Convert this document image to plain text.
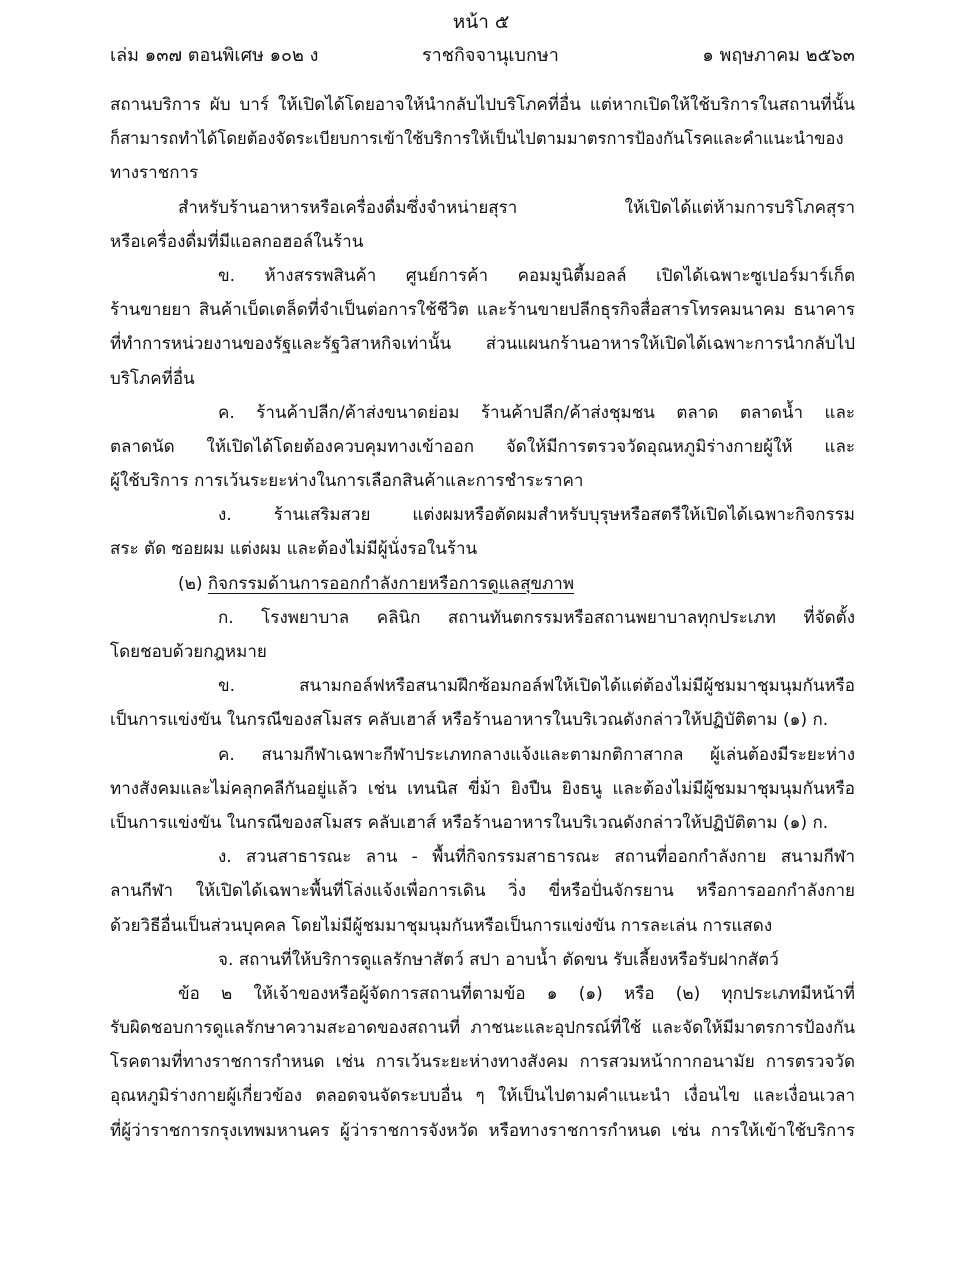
หน้า ๕
เล่ม ๑๓๗ ตอนพิเศษ ๑๐๒ ง	ราชกิจจานุเบกษา	๑ พฤษภาคม ๒๕๖๓
สถานบริการ ผับ บาร์ ให้เปิดได้โดยอาจให้นำกลับไปบริโภคที่อื่น แต่หากเปิดให้ใช้บริการในสถานที่นั้น
ก็สามารถทำได้โดยต้องจัดระเบียบการเข้าใช้บริการให้เป็นไปตามมาตรการป้องกันโรคและคำแนะนำของ
ทางราชการ
สำหรับร้านอาหารหรือเครื่องดื่มซึ่งจำหน่ายสุรา ให้เปิดได้แต่ห้ามการบริโภคสุรา
หรือเครื่องดื่มที่มีแอลกอฮอล์ในร้าน
ข. ห้างสรรพสินค้า ศูนย์การค้า คอมมูนิตี้มอลล์ เปิดได้เฉพาะซูเปอร์มาร์เก็ต
ร้านขายยา สินค้าเบ็ดเตล็ดที่จำเป็นต่อการใช้ชีวิต และร้านขายปลีกธุรกิจสื่อสารโทรคมนาคม ธนาคาร
ที่ทำการหน่วยงานของรัฐและรัฐวิสาหกิจเท่านั้น ส่วนแผนกร้านอาหารให้เปิดได้เฉพาะการนำกลับไป
บริโภคที่อื่น
ค. ร้านค้าปลีก/ค้าส่งขนาดย่อม ร้านค้าปลีก/ค้าส่งชุมชน ตลาด ตลาดน้ำ และ
ตลาดนัด ให้เปิดได้โดยต้องควบคุมทางเข้าออก จัดให้มีการตรวจวัดอุณหภูมิร่างกายผู้ให้ และ
ผู้ใช้บริการ การเว้นระยะห่างในการเลือกสินค้าและการชำระราคา
ง. ร้านเสริมสวย แต่งผมหรือตัดผมสำหรับบุรุษหรือสตรีให้เปิดได้เฉพาะกิจกรรม
สระ ตัด ซอยผม แต่งผม และต้องไม่มีผู้นั่งรอในร้าน
(๒) กิจกรรมด้านการออกกำลังกายหรือการดูแลสุขภาพ
ก. โรงพยาบาล คลินิก สถานทันตกรรมหรือสถานพยาบาลทุกประเภท ที่จัดตั้ง
โดยชอบด้วยกฎหมาย
ข. สนามกอล์ฟหรือสนามฝึกซ้อมกอล์ฟให้เปิดได้แต่ต้องไม่มีผู้ชมมาชุมนุมกันหรือ
เป็นการแข่งขัน ในกรณีของสโมสร คลับเฮาส์ หรือร้านอาหารในบริเวณดังกล่าวให้ปฏิบัติตาม (๑) ก.
ค. สนามกีฬาเฉพาะกีฬาประเภทกลางแจ้งและตามกติกาสากล ผู้เล่นต้องมีระยะห่าง
ทางสังคมและไม่คลุกคลีกันอยู่แล้ว เช่น เทนนิส ขี่ม้า ยิงปืน ยิงธนู และต้องไม่มีผู้ชมมาชุมนุมกันหรือ
เป็นการแข่งขัน ในกรณีของสโมสร คลับเฮาส์ หรือร้านอาหารในบริเวณดังกล่าวให้ปฏิบัติตาม (๑) ก.
ง. สวนสาธารณะ ลาน - พื้นที่กิจกรรมสาธารณะ สถานที่ออกกำลังกาย สนามกีฬา
ลานกีฬา ให้เปิดได้เฉพาะพื้นที่โล่งแจ้งเพื่อการเดิน วิ่ง ขี่หรือปั่นจักรยาน หรือการออกกำลังกาย
ด้วยวิธีอื่นเป็นส่วนบุคคล โดยไม่มีผู้ชมมาชุมนุมกันหรือเป็นการแข่งขัน การละเล่น การแสดง
จ. สถานที่ให้บริการดูแลรักษาสัตว์ สปา อาบน้ำ ตัดขน รับเลี้ยงหรือรับฝากสัตว์
ข้อ ๒ ให้เจ้าของหรือผู้จัดการสถานที่ตามข้อ ๑ (๑) หรือ (๒) ทุกประเภทมีหน้าที่
รับผิดชอบการดูแลรักษาความสะอาดของสถานที่ ภาชนะและอุปกรณ์ที่ใช้ และจัดให้มีมาตรการป้องกัน
โรคตามที่ทางราชการกำหนด เช่น การเว้นระยะห่างทางสังคม การสวมหน้ากากอนามัย การตรวจวัด
อุณหภูมิร่างกายผู้เกี่ยวข้อง ตลอดจนจัดระบบอื่น ๆ ให้เป็นไปตามคำแนะนำ เงื่อนไข และเงื่อนเวลา
ที่ผู้ว่าราชการกรุงเทพมหานคร ผู้ว่าราชการจังหวัด หรือทางราชการกำหนด เช่น การให้เข้าใช้บริการ
